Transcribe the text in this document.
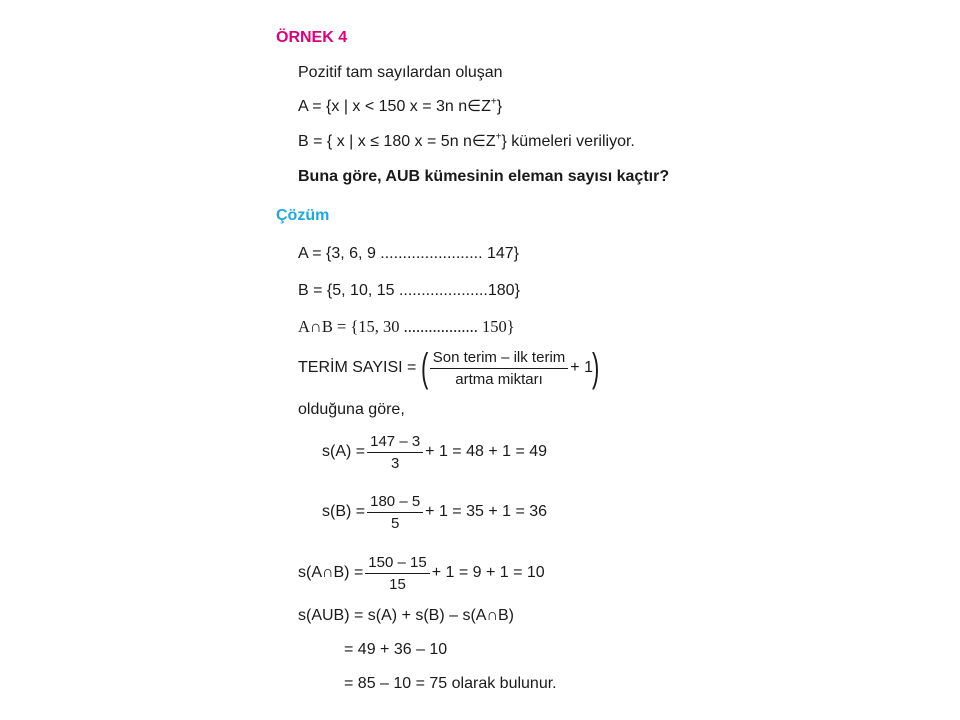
ÖRNEK 4
Pozitif tam sayılardan oluşan
A = {x | x < 150 x = 3n n∈Z+}
B = { x | x ≤ 180 x = 5n n∈Z+} kümeleri veriliyor.
Buna göre, AUB kümesinin eleman sayısı kaçtır?
Çözüm
A = {3, 6, 9 ....................... 147}
B = {5, 10, 15 ....................180}
A∩B = {15, 30 .................. 150}
TERİM SAYISI = ( $\frac{\text{Son terim – ilk terim}}{\text{artma miktarı}} + 1$
)
olduğuna göre,
$s(A) = \frac{147 - 3}{3} + 1 = 48 + 1 = 49$
$s(B) = \frac{180 - 5}{5} + 1 = 35 + 1 = 36$
s(A∩B) = $\frac{150 - 15}{15} + 1 = 9 + 1 = 10$
s(AUB) = s(A) + s(B) – s(A∩B)
= 49 + 36 – 10
= 85 – 10 = 75 olarak bulunur.
